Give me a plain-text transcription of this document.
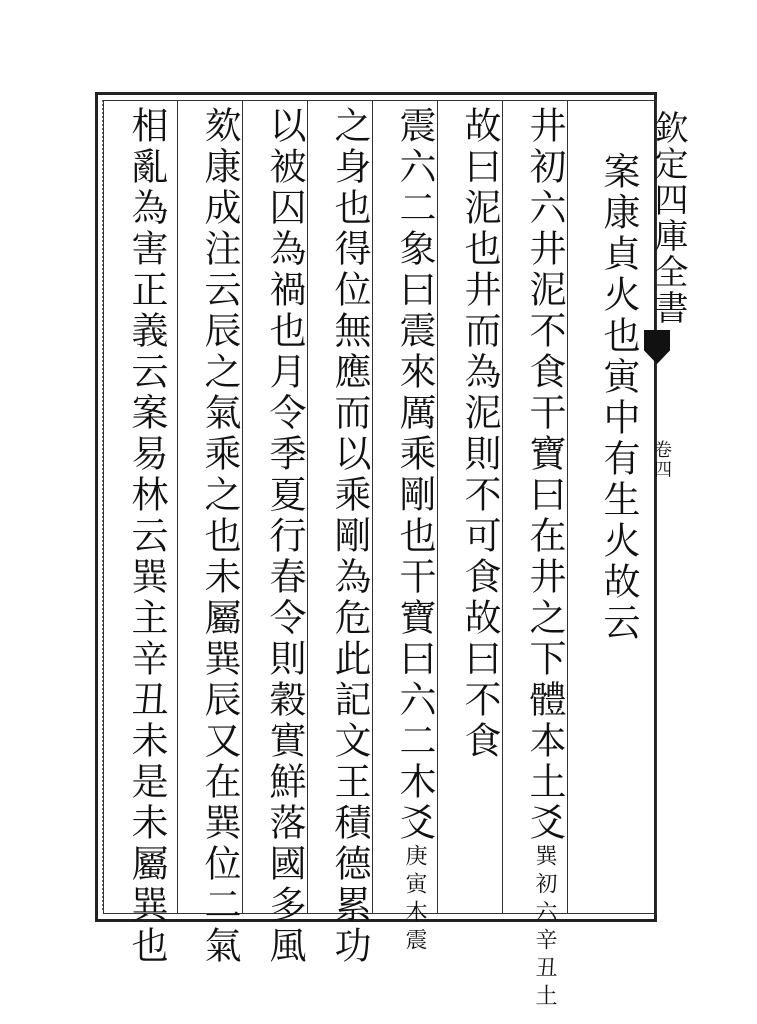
案康貞火也寅中有生火故云
井初六井泥不食干寶曰在井之下體本土爻巽初六辛丑土
故曰泥也井而為泥則不可食故曰不食
震六二象曰震來厲乘剛也干寶曰六二木爻庚寅木震
之身也得位無應而以乘剛為危此記文王積德累功
以被囚為禍也月令季夏行春令則穀實鮮落國多風
欬康成注云辰之氣乘之也未屬巽辰又在巽位二氣
相亂為害正義云案易林云巽主辛丑未是未屬巽也	欽定四庫全書
卷四
